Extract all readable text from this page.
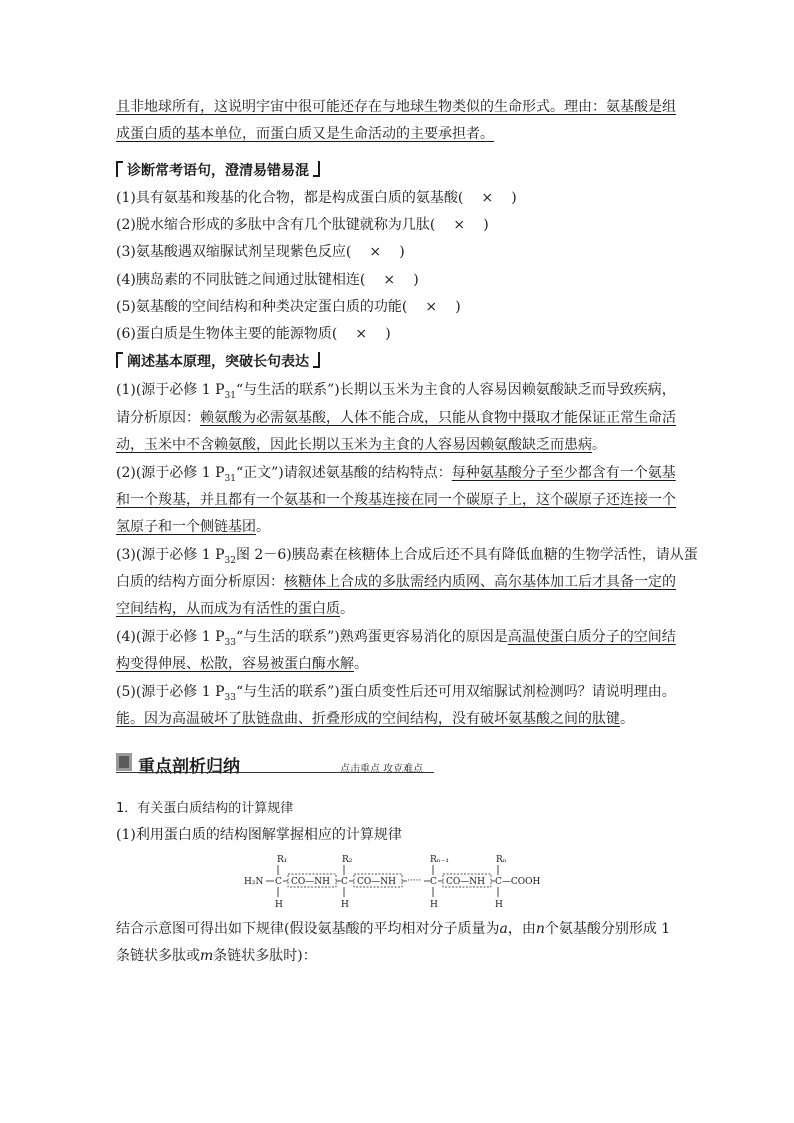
且非地球所有，这说明宇宙中很可能还存在与地球生物类似的生命形式。理由：氨基酸是组
成蛋白质的基本单位，而蛋白质又是生命活动的主要承担者。
诊断常考语句，澄清易错易混
(1)具有氨基和羧基的化合物，都是构成蛋白质的氨基酸( × )
(2)脱水缩合形成的多肽中含有几个肽键就称为几肽( × )
(3)氨基酸遇双缩脲试剂呈现紫色反应( × )
(4)胰岛素的不同肽链之间通过肽键相连( × )
(5)氨基酸的空间结构和种类决定蛋白质的功能( × )
(6)蛋白质是生物体主要的能源物质( × )
阐述基本原理，突破长句表达
(1)(源于必修 1 $P_{31}“$与生活的联系”)长期以玉米为主食的人容易因赖氨酸缺乏而导致疾病，
请分析原因：赖氨酸为必需氨基酸，人体不能合成，只能从食物中摄取才能保证正常生命活
动，玉米中不含赖氨酸，因此长期以玉米为主食的人容易因赖氨酸缺乏而患病。
(2)(源于必修 1 $P_{31}“$正文”)请叙述氨基酸的结构特点：每种氨基酸分子至少都含有一个氨基
和一个羧基，并且都有一个氨基和一个羧基连接在同一个碳原子上，这个碳原子还连接一个
氢原子和一个侧链基团。
(3)(源于必修 1 $P_{32}$图 2－6)胰岛素在核糖体上合成后还不具有降低血糖的生物学活性，请从蛋
白质的结构方面分析原因：核糖体上合成的多肽需经内质网、高尔基体加工后才具备一定的
空间结构，从而成为有活性的蛋白质。
(4)(源于必修 1 $P_{33}“$与生活的联系”)熟鸡蛋更容易消化的原因是高温使蛋白质分子的空间结
构变得伸展、松散，容易被蛋白酶水解。
(5)(源于必修 1 $P_{33}“$与生活的联系”)蛋白质变性后还可用双缩脲试剂检测吗？请说明理由。
能。因为高温破坏了肽链盘曲、折叠形成的空间结构，没有破坏氨基酸之间的肽键。
重点剖析归纳	点击重点 攻克难点
1．有关蛋白质结构的计算规律
(1)利用蛋白质的结构图解掌握相应的计算规律
R₁	R₂	Rₙ₋₁	Rₙ
H₂N C CO—NH C CO—NH ····· C CO—NH C—COOH
H	H	H	H
结合示意图可得出如下规律(假设氨基酸的平均相对分子质量为a，由n个氨基酸分别形成 1
条链状多肽或m条链状多肽时)：
